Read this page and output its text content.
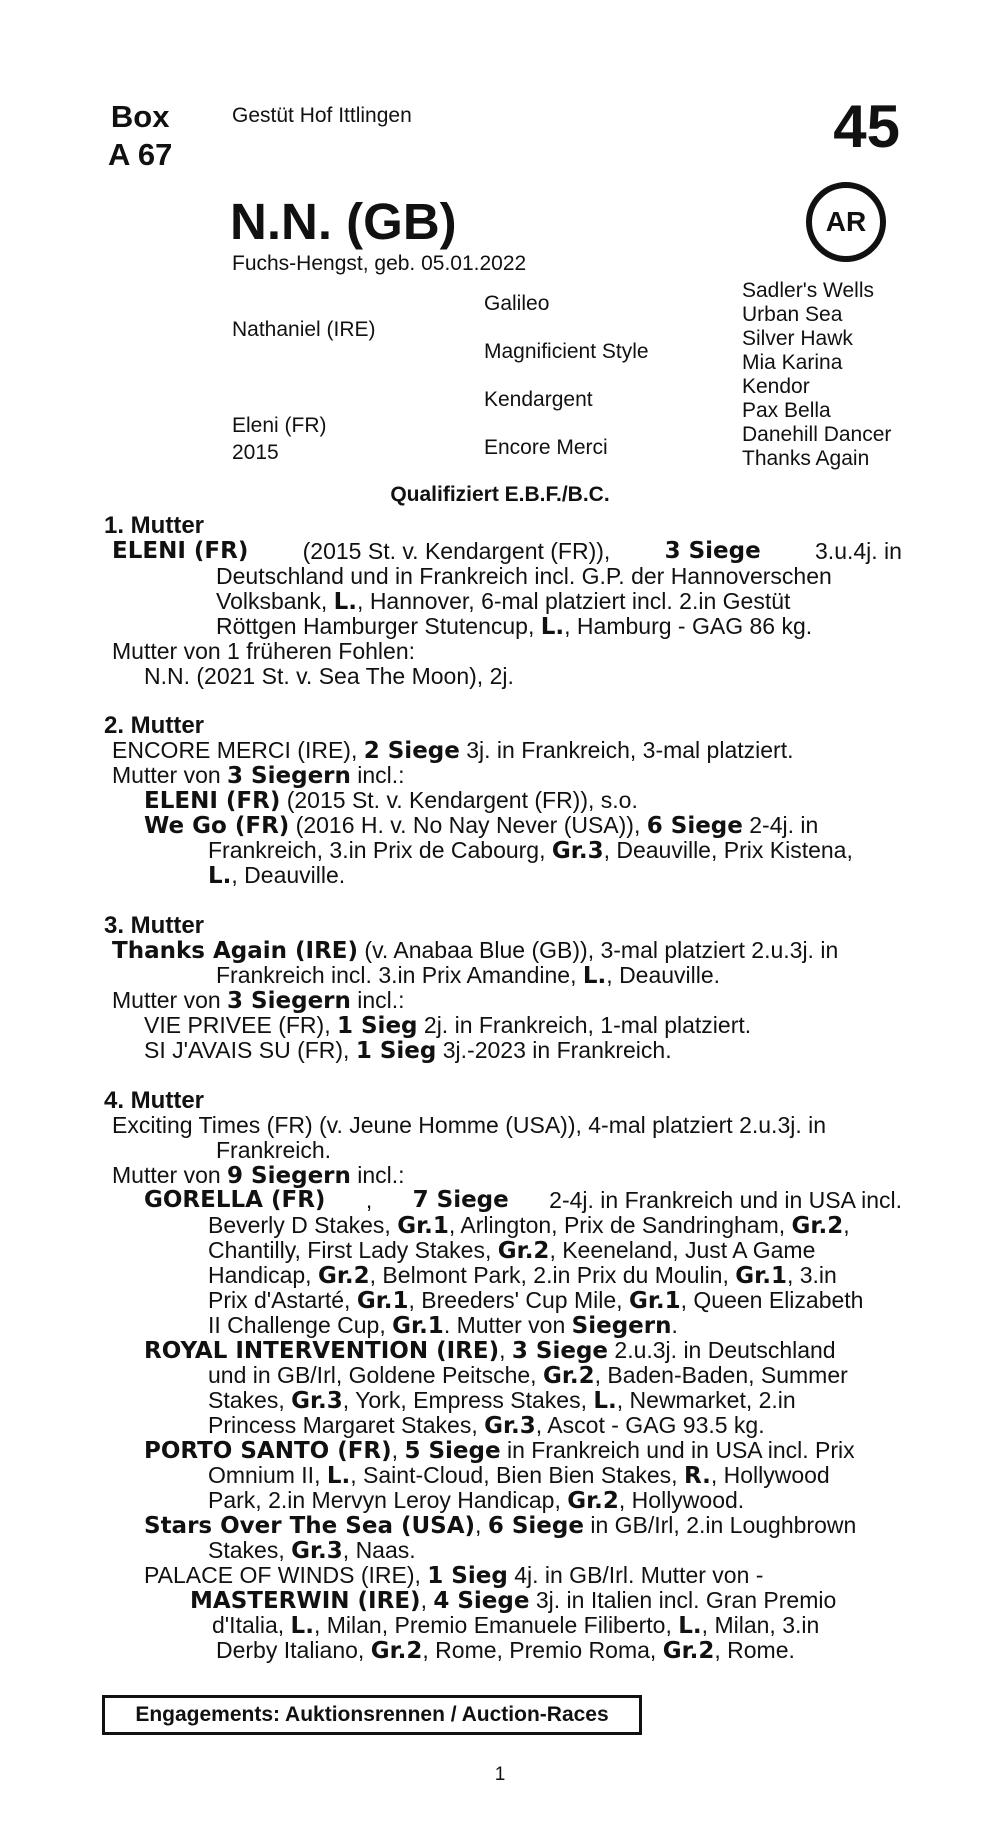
Box
A 67
Gestüt Hof Ittlingen	45
AR
N.N. (GB)
Fuchs-Hengst, geb. 05.01.2022
Nathaniel (IRE)
Eleni (FR)
2015
Galileo
Magnificient Style
Kendargent
Encore Merci
Sadler's Wells
Urban Sea
Silver Hawk
Mia Karina
Kendor
Pax Bella
Danehill Dancer
Thanks Again
Qualifiziert E.B.F./B.C.
1. Mutter
ELENI (FR) (2015 St. v. Kendargent (FR)), 3 Siege 3.u.4j. in
Deutschland und in Frankreich incl. G.P. der Hannoverschen
Volksbank, L., Hannover, 6-mal platziert incl. 2.in Gestüt
Röttgen Hamburger Stutencup, L., Hamburg - GAG 86 kg.
Mutter von 1 früheren Fohlen:
N.N. (2021 St. v. Sea The Moon), 2j.
2. Mutter
ENCORE MERCI (IRE), 2 Siege 3j. in Frankreich, 3-mal platziert.
Mutter von 3 Siegern incl.:
ELENI (FR) (2015 St. v. Kendargent (FR)), s.o.
We Go (FR) (2016 H. v. No Nay Never (USA)), 6 Siege 2-4j. in
Frankreich, 3.in Prix de Cabourg, Gr.3, Deauville, Prix Kistena,
L., Deauville.
3. Mutter
Thanks Again (IRE) (v. Anabaa Blue (GB)), 3-mal platziert 2.u.3j. in
Frankreich incl. 3.in Prix Amandine, L., Deauville.
Mutter von 3 Siegern incl.:
VIE PRIVEE (FR), 1 Sieg 2j. in Frankreich, 1-mal platziert.
SI J'AVAIS SU (FR), 1 Sieg 3j.-2023 in Frankreich.
4. Mutter
Exciting Times (FR) (v. Jeune Homme (USA)), 4-mal platziert 2.u.3j. in
Frankreich.
Mutter von 9 Siegern incl.:
GORELLA (FR) , 7 Siege 2-4j. in Frankreich und in USA incl.
Beverly D Stakes, Gr.1, Arlington, Prix de Sandringham, Gr.2,
Chantilly, First Lady Stakes, Gr.2, Keeneland, Just A Game
Handicap, Gr.2, Belmont Park, 2.in Prix du Moulin, Gr.1, 3.in
Prix d'Astarté, Gr.1, Breeders' Cup Mile, Gr.1, Queen Elizabeth
II Challenge Cup, Gr.1. Mutter von Siegern.
ROYAL INTERVENTION (IRE), 3 Siege 2.u.3j. in Deutschland
und in GB/Irl, Goldene Peitsche, Gr.2, Baden-Baden, Summer
Stakes, Gr.3, York, Empress Stakes, L., Newmarket, 2.in
Princess Margaret Stakes, Gr.3, Ascot - GAG 93.5 kg.
PORTO SANTO (FR), 5 Siege in Frankreich und in USA incl. Prix
Omnium II, L., Saint-Cloud, Bien Bien Stakes, R., Hollywood
Park, 2.in Mervyn Leroy Handicap, Gr.2, Hollywood.
Stars Over The Sea (USA), 6 Siege in GB/Irl, 2.in Loughbrown
Stakes, Gr.3, Naas.
PALACE OF WINDS (IRE), 1 Sieg 4j. in GB/Irl. Mutter von -
MASTERWIN (IRE), 4 Siege 3j. in Italien incl. Gran Premio
d'Italia, L., Milan, Premio Emanuele Filiberto, L., Milan, 3.in
Derby Italiano, Gr.2, Rome, Premio Roma, Gr.2, Rome.
Engagements: Auktionsrennen / Auction-Races
1
